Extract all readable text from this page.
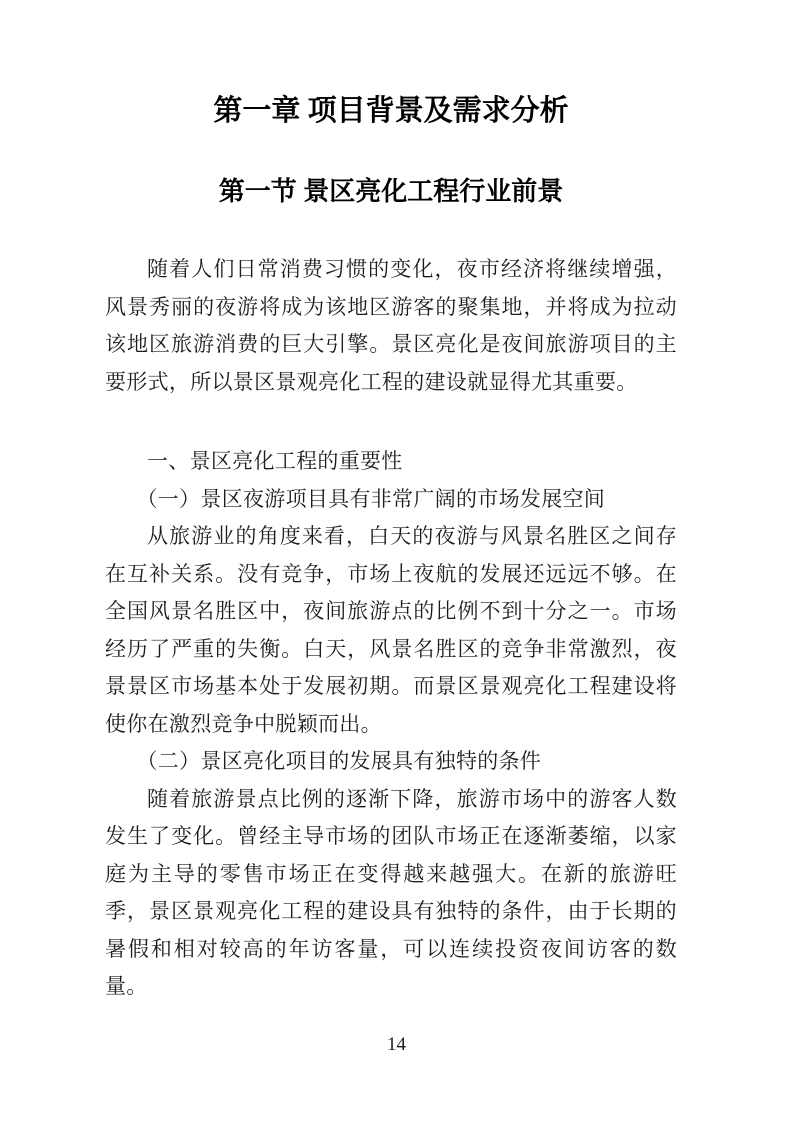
第一章 项目背景及需求分析
第一节 景区亮化工程行业前景

随着人们日常消费习惯的变化，夜市经济将继续增强，风景秀丽的夜游将成为该地区游客的聚集地，并将成为拉动该地区旅游消费的巨大引擎。景区亮化是夜间旅游项目的主要形式，所以景区景观亮化工程的建设就显得尤其重要。

一、景区亮化工程的重要性

（一）景区夜游项目具有非常广阔的市场发展空间

从旅游业的角度来看，白天的夜游与风景名胜区之间存在互补关系。没有竞争，市场上夜航的发展还远远不够。在全国风景名胜区中，夜间旅游点的比例不到十分之一。市场经历了严重的失衡。白天，风景名胜区的竞争非常激烈，夜景景区市场基本处于发展初期。而景区景观亮化工程建设将使你在激烈竞争中脱颖而出。

（二）景区亮化项目的发展具有独特的条件

随着旅游景点比例的逐渐下降，旅游市场中的游客人数发生了变化。曾经主导市场的团队市场正在逐渐萎缩，以家庭为主导的零售市场正在变得越来越强大。在新的旅游旺季，景区景观亮化工程的建设具有独特的条件，由于长期的暑假和相对较高的年访客量，可以连续投资夜间访客的数量。

14
